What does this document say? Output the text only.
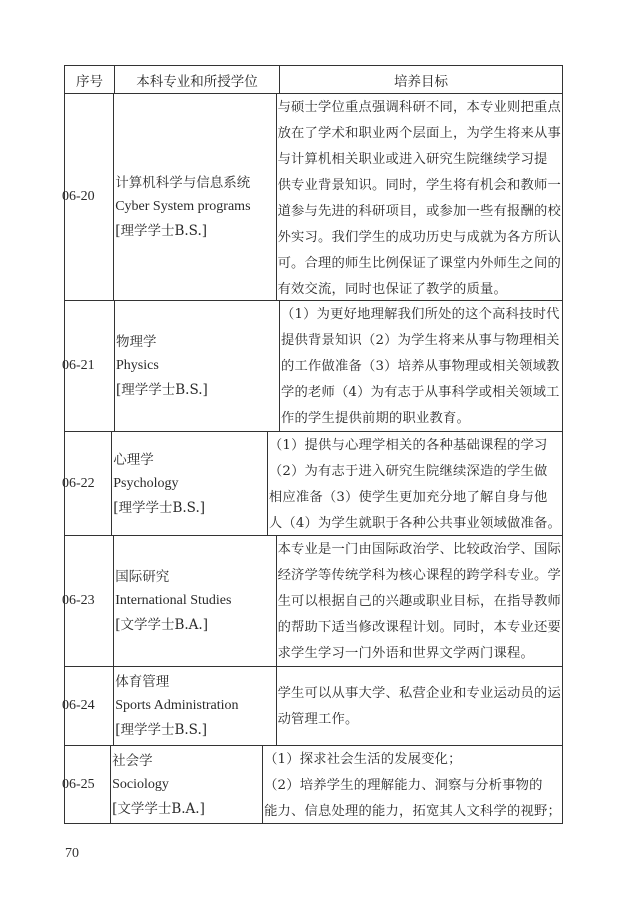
序号	本科专业和所授学位	培养目标
06-20
计算机科学与信息系统
Cyber System programs
[理学学士B.S.]
与硕士学位重点强调科研不同，本专业则把重点
放在了学术和职业两个层面上，为学生将来从事
与计算机相关职业或进入研究生院继续学习提
供专业背景知识。同时，学生将有机会和教师一
道参与先进的科研项目，或参加一些有报酬的校
外实习。我们学生的成功历史与成就为各方所认
可。合理的师生比例保证了课堂内外师生之间的
有效交流，同时也保证了教学的质量。
06-21
物理学
Physics
[理学学士B.S.]
（1）为更好地理解我们所处的这个高科技时代
提供背景知识（2）为学生将来从事与物理相关
的工作做准备（3）培养从事物理或相关领域教
学的老师（4）为有志于从事科学或相关领域工
作的学生提供前期的职业教育。
06-22
心理学
Psychology
[理学学士B.S.]
（1）提供与心理学相关的各种基础课程的学习
（2）为有志于进入研究生院继续深造的学生做
相应准备（3）使学生更加充分地了解自身与他
人（4）为学生就职于各种公共事业领域做准备。
06-23
国际研究
International Studies
[文学学士B.A.]
本专业是一门由国际政治学、比较政治学、国际
经济学等传统学科为核心课程的跨学科专业。学
生可以根据自己的兴趣或职业目标，在指导教师
的帮助下适当修改课程计划。同时，本专业还要
求学生学习一门外语和世界文学两门课程。
06-24
体育管理
Sports Administration
[理学学士B.S.]
学生可以从事大学、私营企业和专业运动员的运
动管理工作。
06-25
社会学
Sociology
[文学学士B.A.]
（1）探求社会生活的发展变化；
（2）培养学生的理解能力、洞察与分析事物的
能力、信息处理的能力，拓宽其人文科学的视野；
70
